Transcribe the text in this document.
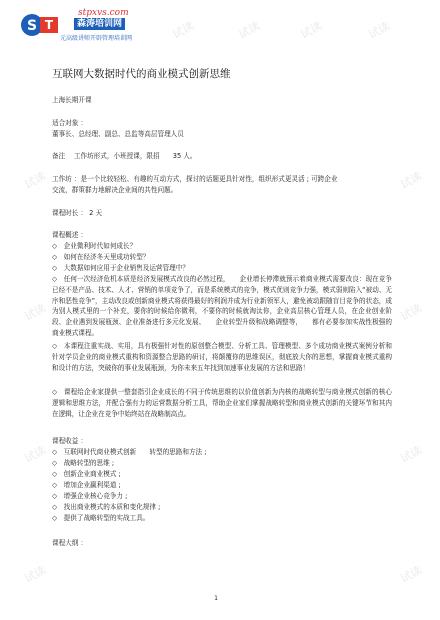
试读	试读	试读	试读
试读
试读
试读
试读
试读
试读
试读
试读
S T
stpxvs.com
森涛培训网
元高级讲师开辟管理培训网
互联网大数据时代的商业模式创新思维
上海长期开课
适合对象 ：
董事长、总经理、副总、总监等高层管理人员
备注　 工作坊形式，小班授课，限招　　35 人。
工作坊 ：是一个比较轻松、有趣的互动方式，探讨的话题更具针对性，组织形式更灵活 ; 可跨企业
交流，群策群力地解决企业间的共性问题。
课程时长 ： 2 天
课程概述 ：
◇　企业微利时代如何成长？
◇　如何在经济冬天里成功转型？
◇　大数据如何应用于企业销售及运营管理中？
◇　任何一次经济危机本质是经济发展模式改良的必然过程，　　企业增长停滞就预示着商业模式需要改良：现在竞争已经不是产品、技术、人才、营销的单项竞争了，而是系统模式的竞争，模式优则竞争力强，模式弱则陷入“被动、无序和恶性竞争”，主动改良或创新商业模式将获得最好的利润并成为行业新领军人，避免被动跟随盲目竞争的状态，成为别人模式里的一个补充，要你的时候给你微利，不要你的时候就淘汰你，企业高层核心管理人员，在企业创业阶段、企业遇到发展瓶颈、企业准备进行多元化发展、　　企业转型升级和战略调整等，　　都有必要参加实战性极强的商业模式课程。
◇　本课程注重实战、实用，具有极强针对性的原创整合模型、分析工具、管理模型、多个成功商业模式案例分析和针对学员企业的商业模式重构和资源整合思路的研讨，将颠覆你的思维误区，彻底放大你的思想，掌握商业模式重构和设计的方法，突破你的事业发展瓶颈，为你未来五年找到加速事业发展的方法和思路！
◇　课程给企业家提供一整套指引企业成长的不同于传统思维的以价值创新为内核的战略转型与商业模式创新的核心逻辑和思维方法，并配合强有力的运营数据分析工具，帮助企业家们掌握战略转型和商业模式创新的关键环节和其内在逻辑，让企业在竞争中始终站在战略制高点。
课程收益 ：
◇　互联网时代商业模式创新　　转型的思路和方法 ;
◇　战略转型的思维 ;
◇　创新企业商业模式 ;
◇　增加企业赢利渠道 ;
◇　增强企业核心竞争力 ;
◇　找出商业模式的本质和变化规律 ;
◇　提供了战略转型的实战工具。
课程大纲 ：
1
